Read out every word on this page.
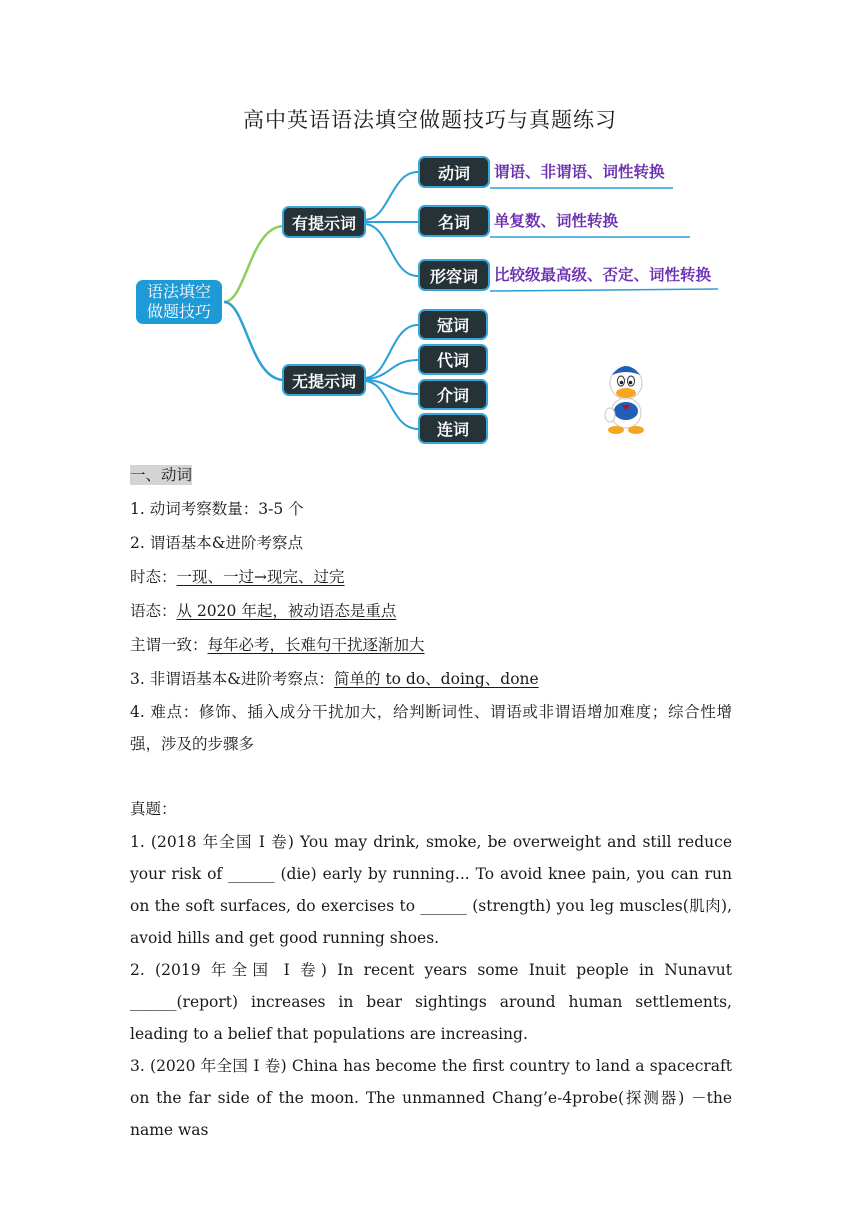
高中英语语法填空做题技巧与真题练习
语法填空
做题技巧
有提示词
无提示词
动词
名词
形容词
谓语、非谓语、词性转换
单复数、词性转换
比较级最高级、否定、词性转换
冠词
代词
介词
连词
一、动词
1. 动词考察数量：3-5 个
2. 谓语基本&进阶考察点
时态：一现、一过→现完、过完
语态：从 2020 年起，被动语态是重点
主谓一致：每年必考，长难句干扰逐渐加大
3. 非谓语基本&进阶考察点：简单的 to do、doing、done
4. 难点：修饰、插入成分干扰加大，给判断词性、谓语或非谓语增加难度；综合性增强，涉及的步骤多
真题：
1. (2018 年全国 I 卷) You may drink, smoke, be overweight and still reduce your risk of ______ (die) early by running... To avoid knee pain, you can run on the soft surfaces, do exercises to ______ (strength) you leg muscles(肌肉), avoid hills and get good running shoes.
2. (2019 年全国 I 卷) In recent years some Inuit people in Nunavut ______(report) increases in bear sightings around human settlements, leading to a belief that populations are increasing.
3. (2020 年全国 I 卷) China has become the first country to land a spacecraft on the far side of the moon. The unmanned Chang’e-4probe(探测器) －the name was
